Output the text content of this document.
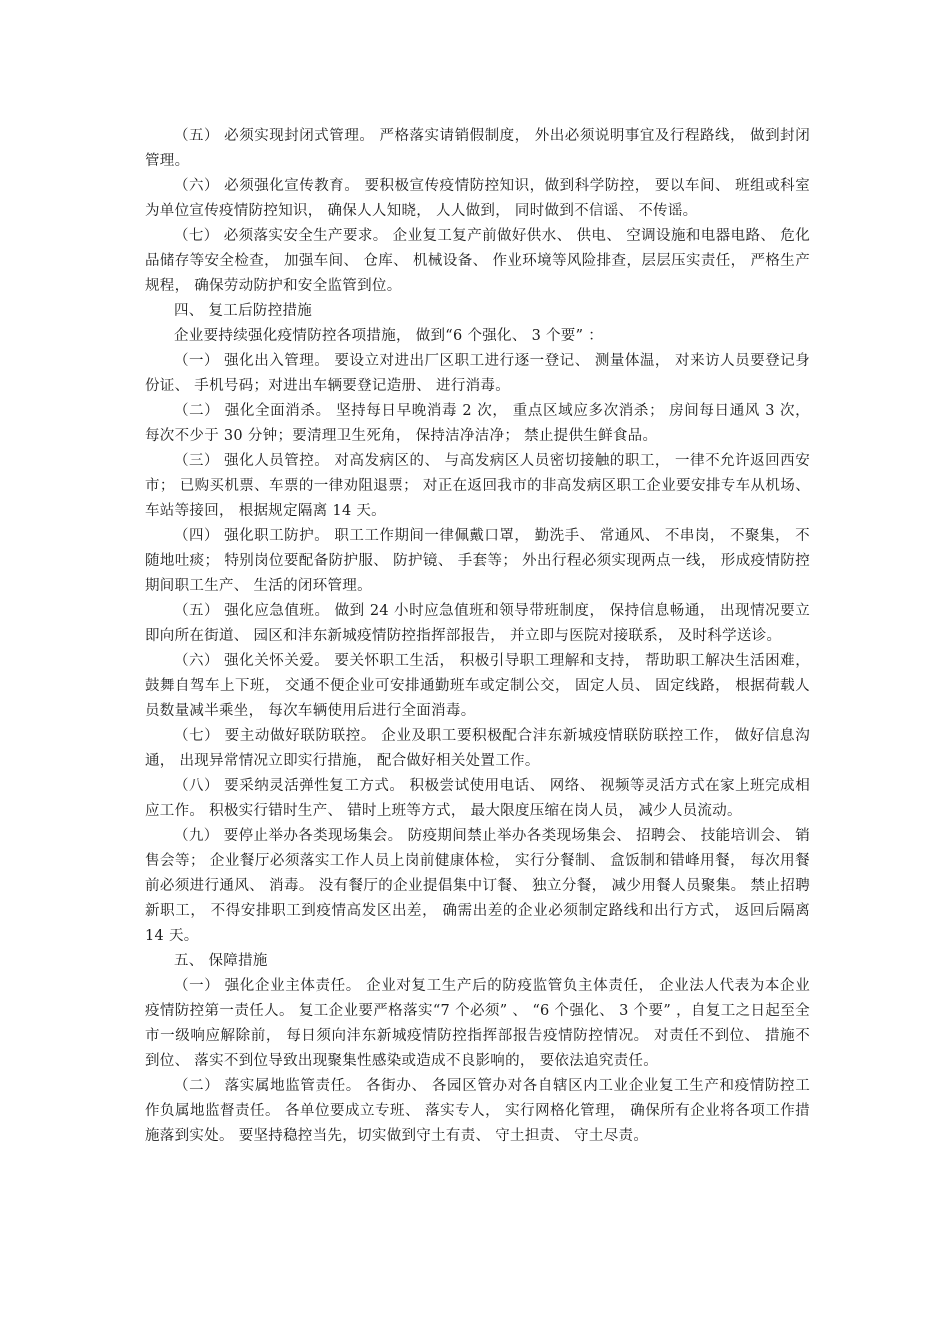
（五） 必须实现封闭式管理。 严格落实请销假制度， 外出必须说明事宜及行程路线， 做到封闭管理。

（六） 必须强化宣传教育。 要积极宣传疫情防控知识，做到科学防控， 要以车间、 班组或科室为单位宣传疫情防控知识， 确保人人知晓， 人人做到， 同时做到不信谣、 不传谣。

（七） 必须落实安全生产要求。 企业复工复产前做好供水、 供电、 空调设施和电器电路、 危化品储存等安全检查， 加强车间、 仓库、 机械设备、 作业环境等风险排查，层层压实责任， 严格生产规程， 确保劳动防护和安全监管到位。

四、 复工后防控措施

企业要持续强化疫情防控各项措施， 做到“6 个强化、 3 个要” ：

（一） 强化出入管理。 要设立对进出厂区职工进行逐一登记、 测量体温， 对来访人员要登记身份证、 手机号码；对进出车辆要登记造册、 进行消毒。

（二） 强化全面消杀。 坚持每日早晚消毒 2 次， 重点区域应多次消杀； 房间每日通风 3 次， 每次不少于 30 分钟；要清理卫生死角， 保持洁净洁净； 禁止提供生鲜食品。

（三） 强化人员管控。 对高发病区的、 与高发病区人员密切接触的职工， 一律不允许返回西安市； 已购买机票、车票的一律劝阻退票； 对正在返回我市的非高发病区职工企业要安排专车从机场、 车站等接回， 根据规定隔离 14 天。

（四） 强化职工防护。 职工工作期间一律佩戴口罩， 勤洗手、 常通风、 不串岗， 不聚集， 不随地吐痰； 特别岗位要配备防护服、 防护镜、 手套等； 外出行程必须实现两点一线， 形成疫情防控期间职工生产、 生活的闭环管理。

（五） 强化应急值班。 做到 24 小时应急值班和领导带班制度， 保持信息畅通， 出现情况要立即向所在街道、 园区和沣东新城疫情防控指挥部报告， 并立即与医院对接联系， 及时科学送诊。

（六） 强化关怀关爱。 要关怀职工生活， 积极引导职工理解和支持， 帮助职工解决生活困难， 鼓舞自驾车上下班， 交通不便企业可安排通勤班车或定制公交， 固定人员、 固定线路， 根据荷载人员数量减半乘坐， 每次车辆使用后进行全面消毒。

（七） 要主动做好联防联控。 企业及职工要积极配合沣东新城疫情联防联控工作， 做好信息沟通， 出现异常情况立即实行措施， 配合做好相关处置工作。

（八） 要采纳灵活弹性复工方式。 积极尝试使用电话、 网络、 视频等灵活方式在家上班完成相应工作。 积极实行错时生产、 错时上班等方式， 最大限度压缩在岗人员， 减少人员流动。

（九） 要停止举办各类现场集会。 防疫期间禁止举办各类现场集会、 招聘会、 技能培训会、 销售会等； 企业餐厅必须落实工作人员上岗前健康体检， 实行分餐制、 盒饭制和错峰用餐， 每次用餐前必须进行通风、 消毒。 没有餐厅的企业提倡集中订餐、 独立分餐， 减少用餐人员聚集。 禁止招聘新职工， 不得安排职工到疫情高发区出差， 确需出差的企业必须制定路线和出行方式， 返回后隔离 14 天。

五、 保障措施

（一） 强化企业主体责任。 企业对复工生产后的防疫监管负主体责任， 企业法人代表为本企业疫情防控第一责任人。 复工企业要严格落实“7 个必须” 、 “6 个强化、 3 个要” ，自复工之日起至全市一级响应解除前， 每日须向沣东新城疫情防控指挥部报告疫情防控情况。 对责任不到位、 措施不到位、 落实不到位导致出现聚集性感染或造成不良影响的， 要依法追究责任。

（二） 落实属地监管责任。 各街办、 各园区管办对各自辖区内工业企业复工生产和疫情防控工作负属地监督责任。 各单位要成立专班、 落实专人， 实行网格化管理， 确保所有企业将各项工作措施落到实处。 要坚持稳控当先，切实做到守土有责、 守土担责、 守土尽责。
